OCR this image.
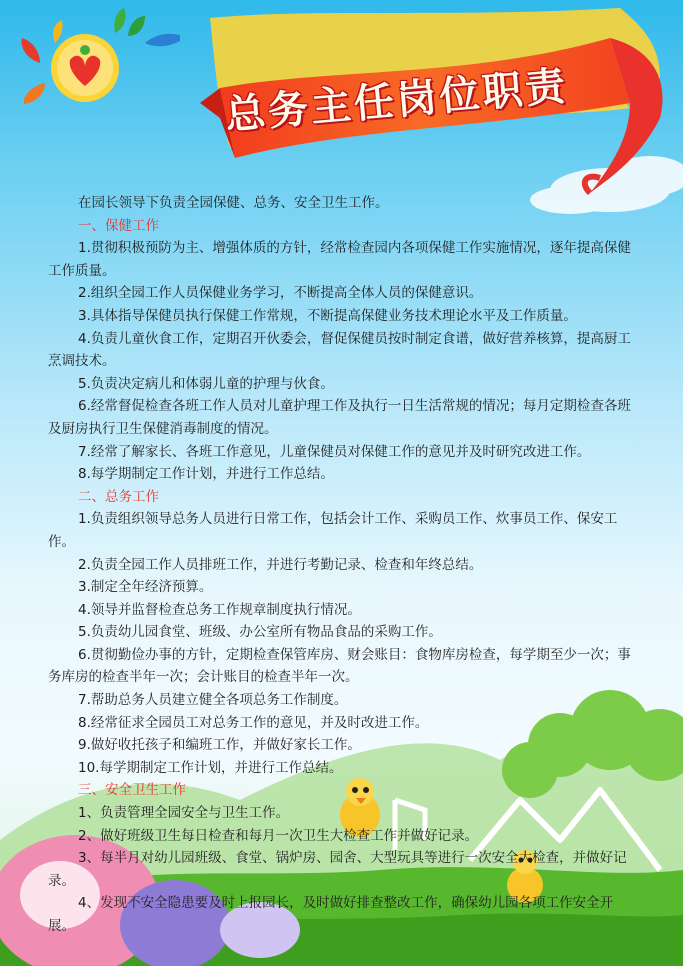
总务主任岗位职责

在园长领导下负责全园保健、总务、安全卫生工作。

一、保健工作

1.贯彻积极预防为主、增强体质的方针，经常检查园内各项保健工作实施情况，逐年提高保健工作质量。

2.组织全园工作人员保健业务学习，不断提高全体人员的保健意识。

3.具体指导保健员执行保健工作常规，不断提高保健业务技术理论水平及工作质量。

4.负责儿童伙食工作，定期召开伙委会，督促保健员按时制定食谱，做好营养核算，提高厨工烹调技术。

5.负责决定病儿和体弱儿童的护理与伙食。

6.经常督促检查各班工作人员对儿童护理工作及执行一日生活常规的情况；每月定期检查各班及厨房执行卫生保健消毒制度的情况。

7.经常了解家长、各班工作意见，儿童保健员对保健工作的意见并及时研究改进工作。

8.每学期制定工作计划，并进行工作总结。

二、总务工作

1.负责组织领导总务人员进行日常工作，包括会计工作、采购员工作、炊事员工作、保安工作。

2.负责全园工作人员排班工作，并进行考勤记录、检查和年终总结。

3.制定全年经济预算。

4.领导并监督检查总务工作规章制度执行情况。

5.负责幼儿园食堂、班级、办公室所有物品食品的采购工作。

6.贯彻勤俭办事的方针，定期检查保管库房、财会账目：食物库房检查，每学期至少一次；事务库房的检查半年一次；会计账目的检查半年一次。

7.帮助总务人员建立健全各项总务工作制度。

8.经常征求全园员工对总务工作的意见，并及时改进工作。

9.做好收托孩子和编班工作，并做好家长工作。

10.每学期制定工作计划，并进行工作总结。

三、安全卫生工作

1、负责管理全园安全与卫生工作。

2、做好班级卫生每日检查和每月一次卫生大检查工作并做好记录。

3、每半月对幼儿园班级、食堂、锅炉房、园舍、大型玩具等进行一次安全大检查，并做好记录。

4、发现不安全隐患要及时上报园长，及时做好排查整改工作，确保幼儿园各项工作安全开展。
